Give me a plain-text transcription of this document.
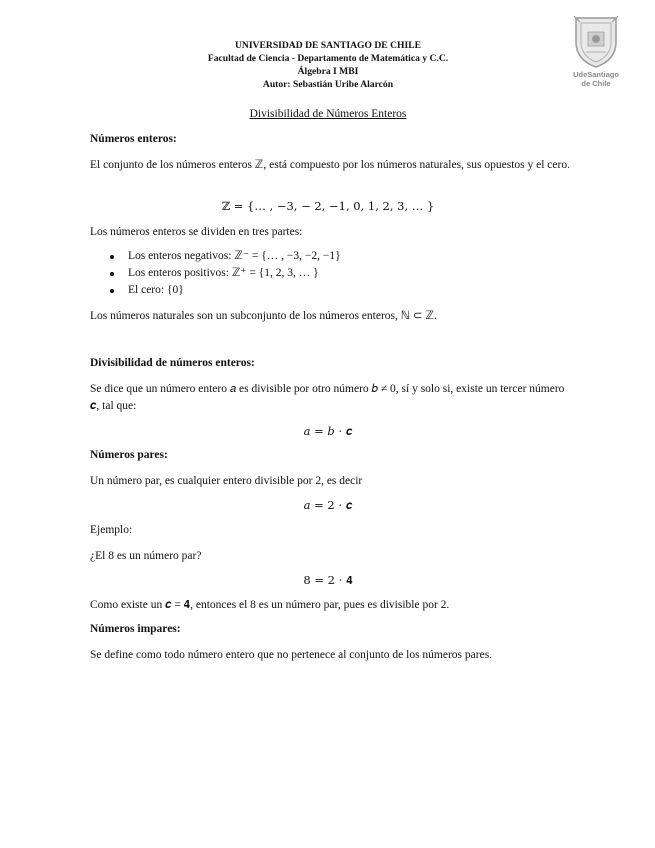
UNIVERSIDAD DE SANTIAGO DE CHILE
Facultad de Ciencia - Departamento de Matemática y C.C.
Álgebra I MBI
Autor: Sebastián Uribe Alarcón
UdeSantiago
de Chile
Divisibilidad de Números Enteros
Números enteros:
El conjunto de los números enteros ℤ, está compuesto por los números naturales, sus opuestos y el cero.
ℤ = {… , −3, − 2, −1, 0, 1, 2, 3, … }
Los números enteros se dividen en tres partes:
Los enteros negativos: ℤ⁻ = {… , −3, −2, −1}
Los enteros positivos: ℤ⁺ = {1, 2, 3, … }
El cero: {0}
Los números naturales son un subconjunto de los números enteros, ℕ ⊂ ℤ.
Divisibilidad de números enteros:
Se dice que un número entero 𝑎 es divisible por otro número 𝑏 ≠ 0, sí y solo si, existe un tercer número 𝒄, tal que:
𝑎 = 𝑏 ⋅ 𝒄
Números pares:
Un número par, es cualquier entero divisible por 2, es decir
𝑎 = 2 ⋅ 𝒄
Ejemplo:
¿El 8 es un número par?
8 = 2 ⋅ 𝟒
Como existe un 𝒄 = 𝟒, entonces el 8 es un número par, pues es divisible por 2.
Números impares:
Se define como todo número entero que no pertenece al conjunto de los números pares.
